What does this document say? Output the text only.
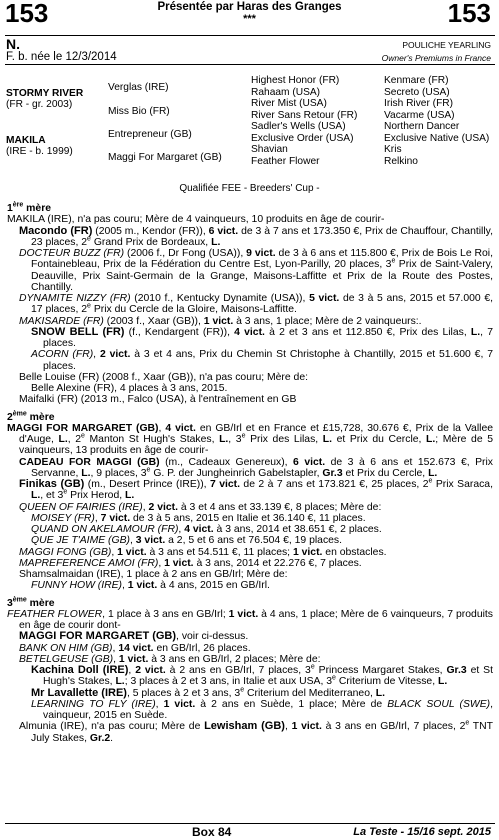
153	Présentée par Haras des Granges
***	153
N.	POULICHE YEARLING
F. b. née le 12/3/2014	Owner's Premiums in France
STORMY RIVER
(FR - gr. 2003)
MAKILA
(IRE - b. 1999)
Verglas (IRE)
Miss Bio (FR)
Entrepreneur (GB)
Maggi For Margaret (GB)
Highest Honor (FR)
Rahaam (USA)
River Mist (USA)
River Sans Retour (FR)
Sadler's Wells (USA)
Exclusive Order (USA)
Shavian
Feather Flower
Kenmare (FR)
Secreto (USA)
Irish River (FR)
Vacarme (USA)
Northern Dancer
Exclusive Native (USA)
Kris
Relkino
Qualifiée FEE - Breeders' Cup -

1ère mère

MAKILA (IRE), n'a pas couru; Mère de 4 vainqueurs, 10 produits en âge de courir-

Macondo (FR) (2005 m., Kendor (FR)), 6 vict. de 3 à 7 ans et 173.350 €, Prix de Chauffour, Chantilly, 23 places, 2e Grand Prix de Bordeaux, L.

DOCTEUR BUZZ (FR) (2006 f., Dr Fong (USA)), 9 vict. de 3 à 6 ans et 115.800 €, Prix de Bois Le Roi, Fontainebleau, Prix de la Fédération du Centre Est, Lyon-Parilly, 20 places, 3e Prix de Saint-Valery, Deauville, Prix Saint-Germain de la Grange, Maisons-Laffitte et Prix de la Route des Postes, Chantilly.

DYNAMITE NIZZY (FR) (2010 f., Kentucky Dynamite (USA)), 5 vict. de 3 à 5 ans, 2015 et 57.000 €, 17 places, 2e Prix du Cercle de la Gloire, Maisons-Laffitte.

MAKISARDE (FR) (2003 f., Xaar (GB)), 1 vict. à 3 ans, 1 place; Mère de 2 vainqueurs:.

SNOW BELL (FR) (f., Kendargent (FR)), 4 vict. à 2 et 3 ans et 112.850 €, Prix des Lilas, L., 7 places.

ACORN (FR), 2 vict. à 3 et 4 ans, Prix du Chemin St Christophe à Chantilly, 2015 et 51.600 €, 7 places.

Belle Louise (FR) (2008 f., Xaar (GB)), n'a pas couru; Mère de:

Belle Alexine (FR), 4 places à 3 ans, 2015.

Maifalki (FR) (2013 m., Falco (USA), à l'entraînement en GB

2ème mère

MAGGI FOR MARGARET (GB), 4 vict. en GB/Irl et en France et £15,728, 30.676 €, Prix de la Vallee d'Auge, L., 2e Manton St Hugh's Stakes, L., 3e Prix des Lilas, L. et Prix du Cercle, L.; Mère de 5 vainqueurs, 13 produits en âge de courir-

CADEAU FOR MAGGI (GB) (m., Cadeaux Genereux), 6 vict. de 3 à 6 ans et 152.673 €, Prix Servanne, L., 9 places, 3e G. P. der Jungheinrich Gabelstapler, Gr.3 et Prix du Cercle, L.

Finikas (GB) (m., Desert Prince (IRE)), 7 vict. de 2 à 7 ans et 173.821 €, 25 places, 2e Prix Saraca, L., et 3e Prix Herod, L.

QUEEN OF FAIRIES (IRE), 2 vict. à 3 et 4 ans et 33.139 €, 8 places; Mère de:

MOISEY (FR), 7 vict. de 3 à 5 ans, 2015 en Italie et 36.140 €, 11 places.

QUAND ON AKELAMOUR (FR), 4 vict. à 3 ans, 2014 et 38.651 €, 2 places.

QUE JE T'AIME (GB), 3 vict. a 2, 5 et 6 ans et 76.504 €, 19 places.

MAGGI FONG (GB), 1 vict. à 3 ans et 54.511 €, 11 places; 1 vict. en obstacles.

MAPREFERENCE AMOI (FR), 1 vict. à 3 ans, 2014 et 22.276 €, 7 places.

Shamsalmaidan (IRE), 1 place à 2 ans en GB/Irl; Mère de:

FUNNY HOW (IRE), 1 vict. à 4 ans, 2015 en GB/Irl.

3ème mère

FEATHER FLOWER, 1 place à 3 ans en GB/Irl; 1 vict. à 4 ans, 1 place; Mère de 6 vainqueurs, 7 produits en âge de courir dont-

MAGGI FOR MARGARET (GB), voir ci-dessus.

BANK ON HIM (GB), 14 vict. en GB/Irl, 26 places.

BETELGEUSE (GB), 1 vict. à 3 ans en GB/Irl, 2 places; Mère de:

Kachina Doll (IRE), 2 vict. à 2 ans en GB/Irl, 7 places, 3e Princess Margaret Stakes, Gr.3 et St Hugh's Stakes, L.; 3 places à 2 et 3 ans, in Italie et aux USA, 3e Criterium de Vitesse, L.

Mr Lavallette (IRE), 5 places à 2 et 3 ans, 3e Criterium del Mediterraneo, L.

LEARNING TO FLY (IRE), 1 vict. à 2 ans en Suède, 1 place; Mère de BLACK SOUL (SWE), vainqueur, 2015 en Suède.

Almunia (IRE), n'a pas couru; Mère de Lewisham (GB), 1 vict. à 3 ans en GB/Irl, 7 places, 2e TNT July Stakes, Gr.2.

Box 84	La Teste - 15/16 sept. 2015
